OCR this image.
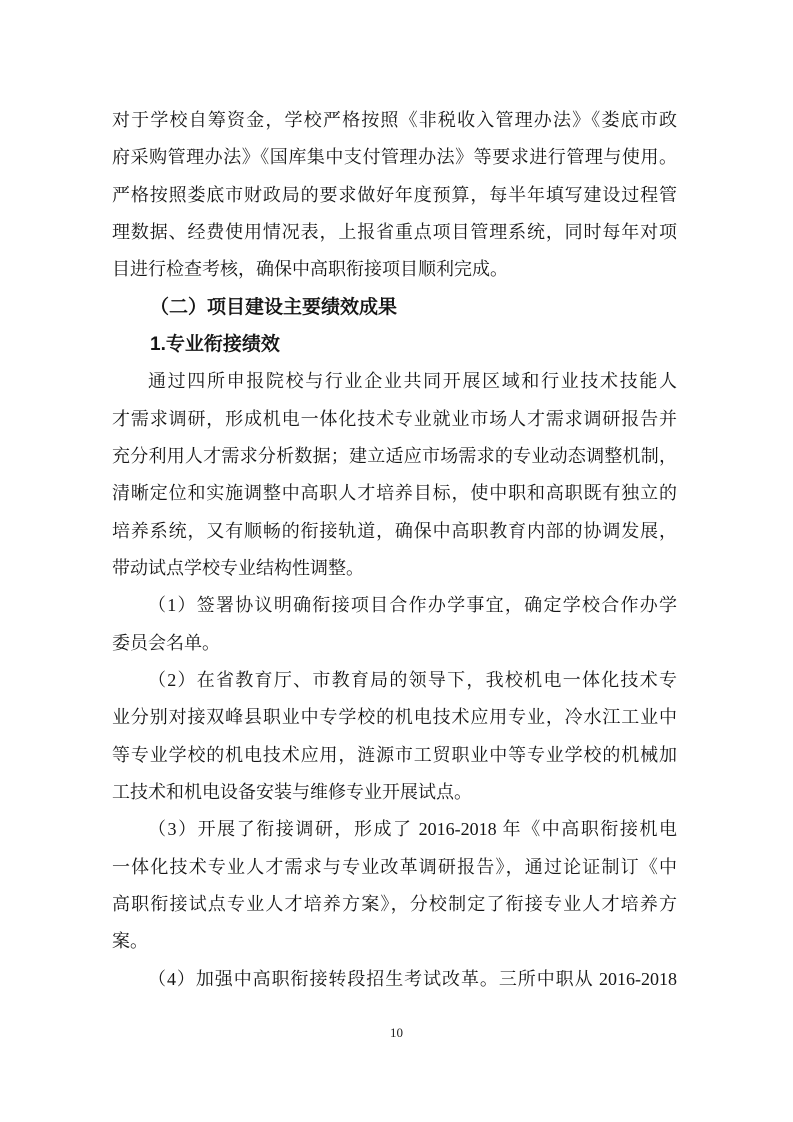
对于学校自筹资金，学校严格按照《非税收入管理办法》《娄底市政
府采购管理办法》《国库集中支付管理办法》等要求进行管理与使用。
严格按照娄底市财政局的要求做好年度预算，每半年填写建设过程管
理数据、经费使用情况表，上报省重点项目管理系统，同时每年对项
目进行检查考核，确保中高职衔接项目顺利完成。
（二）项目建设主要绩效成果
1.专业衔接绩效
通过四所申报院校与行业企业共同开展区域和行业技术技能人
才需求调研，形成机电一体化技术专业就业市场人才需求调研报告并
充分利用人才需求分析数据；建立适应市场需求的专业动态调整机制，
清晰定位和实施调整中高职人才培养目标，使中职和高职既有独立的
培养系统，又有顺畅的衔接轨道，确保中高职教育内部的协调发展，
带动试点学校专业结构性调整。
（1）签署协议明确衔接项目合作办学事宜，确定学校合作办学
委员会名单。
（2）在省教育厅、市教育局的领导下，我校机电一体化技术专
业分别对接双峰县职业中专学校的机电技术应用专业，冷水江工业中
等专业学校的机电技术应用，涟源市工贸职业中等专业学校的机械加
工技术和机电设备安装与维修专业开展试点。
（3）开展了衔接调研，形成了 2016-2018 年《中高职衔接机电
一体化技术专业人才需求与专业改革调研报告》，通过论证制订《中
高职衔接试点专业人才培养方案》，分校制定了衔接专业人才培养方
案。
（4）加强中高职衔接转段招生考试改革。三所中职从 2016-2018
10
